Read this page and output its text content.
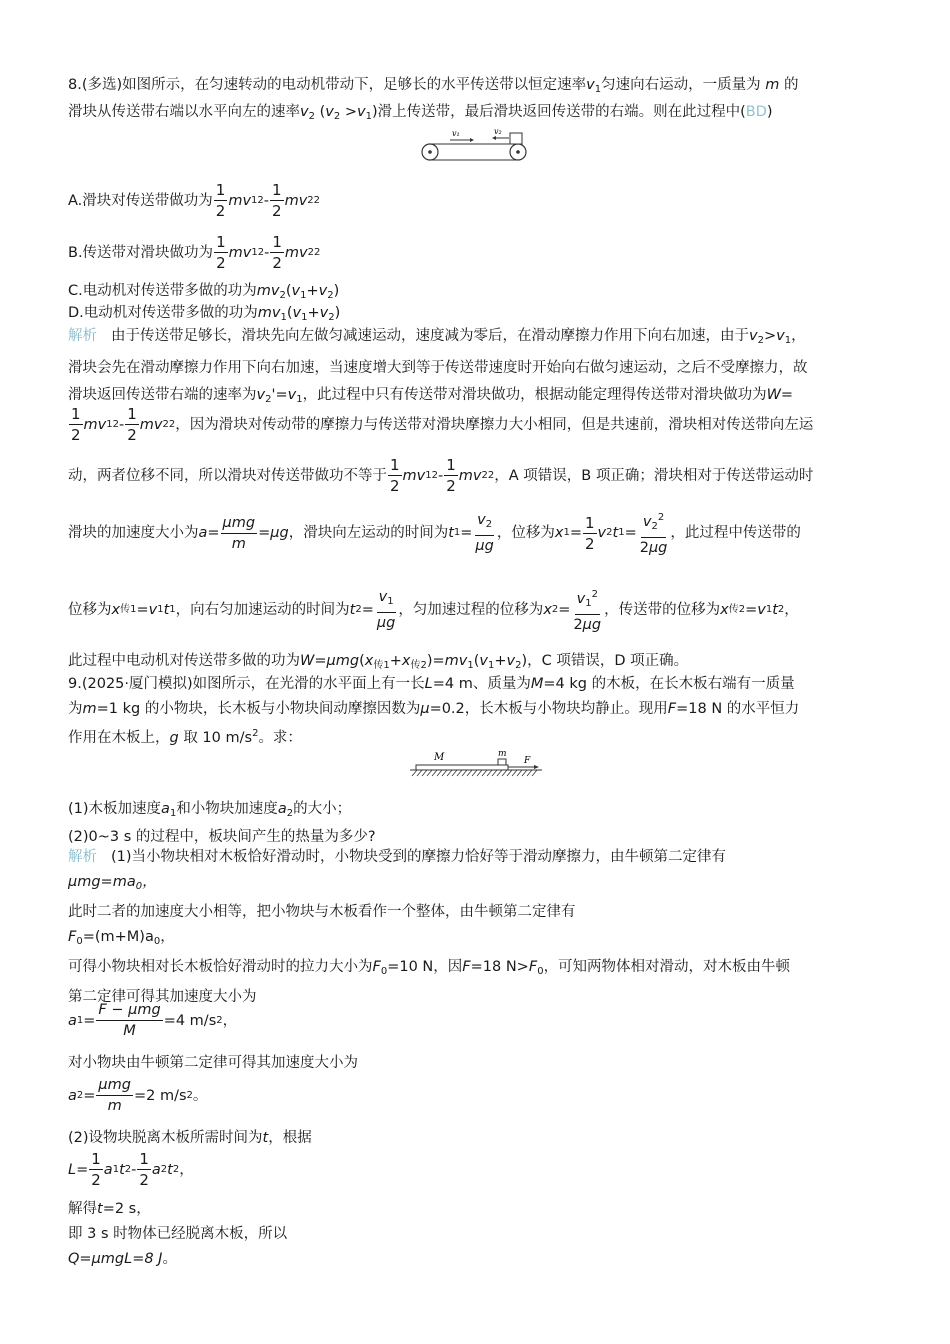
8.(多选)如图所示，在匀速转动的电动机带动下，足够长的水平传送带以恒定速率$v_1$匀速向右运动，一质量为 m 的

滑块从传送带右端以水平向左的速率$v_2$ $(v_2 >v_1)$滑上传送带，最后滑块返回传送带的右端。则在此过程中(BD)

v₁	v₂
A.滑块对传送带做功为 $\frac{1}{2}$ m v 1 $2 - \frac{1}{2}$ m v 2 2
B.传送带对滑块做功为 $\frac{1}{2}$ m v 1 $2 - \frac{1}{2}$ m v 2 2

C.电动机对传送带多做的功为$mv_2(v_1+v_2)$

D.电动机对传送带多做的功为$mv_1(v_1+v_2)$

解析 由于传送带足够长，滑块先向左做匀减速运动，速度减为零后，在滑动摩擦力作用下向右加速，由于$v_2>v_1$，

滑块会先在滑动摩擦力作用下向右加速，当速度增大到等于传送带速度时开始向右做匀速运动，之后不受摩擦力，故

滑块返回传送带右端的速率为$v_2'=v_1$，此过程中只有传送带对滑块做功，根据动能定理得传送带对滑块做功为W=

$\frac{1}{2}$ m v 1 $2 - \frac{1}{2}$ m v 2 2 ，因为滑块对传动带的摩擦力与传送带对滑块摩擦力大小相同，但是共速前，滑块相对传送带向左运
动，两者位移不同，所以滑块对传送带做功不等于 $\frac{1}{2}$ m v 1 $2 - \frac{1}{2}$ m v 2 2 ，A 项错误，B 项正确；滑块相对于传送带运动时
滑块的加速度大小为 $a = \frac{\text{μmg}}{m} = \mu g$ ，滑块向左运动的时间为 t $1 = \frac{v_2}{\mu g}$ ，位移为 x $1 = \frac{1}{2}$ v 2 t $1 = \frac{v_2^2}{2\mu g}$ ，此过程中传送带的
位移为 x 传1 = v 1 t 1 ，向右匀加速运动的时间为 t $2 = \frac{v_1}{\mu g}$ ，匀加速过程的位移为 x $2 = \frac{v_1^2}{2\mu g}$ ，传送带的位移为 x 传2 = v 1 t 2 ，

此过程中电动机对传送带多做的功为$W=\mu mg(x_{传1}+x_{传2})=mv_1(v_1+v_2)$，C 项错误，D 项正确。

9.(2025·厦门模拟)如图所示，在光滑的水平面上有一长L=4 m、质量为M=4 kg 的木板，在长木板右端有一质量

为m=1 kg 的小物块，长木板与小物块间动摩擦因数为μ=0.2，长木板与小物块均静止。现用F=18 N 的水平恒力

作用在木板上，g 取 10 $m/s^2$。求：

M	m
F

(1)木板加速度$a_1$和小物块加速度$a_2$的大小；

(2)0~3 s 的过程中，板块间产生的热量为多少?

解析 (1)当小物块相对木板恰好滑动时，小物块受到的摩擦力恰好等于滑动摩擦力，由牛顿第二定律有

$\mu mg=ma_0$，

此时二者的加速度大小相等，把小物块与木板看作一个整体，由牛顿第二定律有

$F_0=(m+M)a_0$，

可得小物块相对长木板恰好滑动时的拉力大小为$F_0=10$ N，因F=18 $N>F_0$，可知两物体相对滑动，对木板由牛顿

第二定律可得其加速度大小为

a $1 = \frac{\text{F − μmg}}{M} =4$ m/s 2 ，

对小物块由牛顿第二定律可得其加速度大小为

a $2 = \frac{\text{μmg}}{m} =2$ m/s 2 。

(2)设物块脱离木板所需时间为t，根据

$L = \frac{1}{2}$ a 1 t $2 - \frac{1}{2}$ a 2 t 2 ，

解得t=2 s，

即 3 s 时物体已经脱离木板，所以

Q=μmgL=8 J。
